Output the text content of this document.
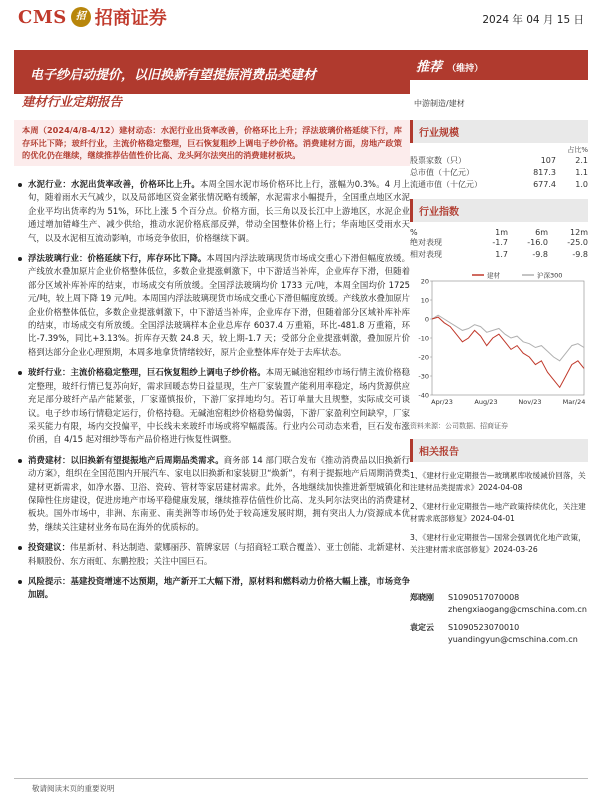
CMS 招 招商证券	2024 年 04 月 15 日
电子纱启动提价，以旧换新有望提振消费品类建材
推荐 （维持）
建材行业定期报告	中游制造/建材
本周（2024/4/8-4/12）建材动态：水泥行业出货率改善，价格环比上升；浮法玻璃价格延续下行，库存环比下降；玻纤行业，主流价格稳定整理，巨石恢复粗纱上调电子纱价格。消费建材方面，房地产政策的优化仍在继续，继续推荐估值性价比高、龙头阿尔法突出的消费建材板块。
水泥行业：水泥出货率改善，价格环比上升。本周全国水泥市场价格环比上行，涨幅为0.3%。4 月上旬，随着雨水天气减少，以及局部地区资金紧张情况略有缓解，水泥需求小幅提升，全国重点地区水泥企业平均出货率约为 51%，环比上涨 5 个百分点。价格方面，长三角以及长江中上游地区，水泥企业通过增加错峰生产、减少供给，推动水泥价格底部反弹，带动全国整体价格上行；华南地区受雨水天气，以及水泥相互流动影响，市场竞争依旧，价格继续下调。
浮法玻璃行业：价格延续下行，库存环比下降。本周国内浮法玻璃现货市场成交重心下滑但幅度放缓。产线放水叠加原片企业价格整体低位，多数企业提涨刺激下，中下游适当补库，企业库存下滑，但随着部分区域补库补库的结束，市场成交有所放缓。全国浮法玻璃均价 1733 元/吨，本周全国均价 1725 元/吨，较上周下降 19 元/吨。本周国内浮法玻璃现货市场成交重心下滑但幅度放缓。产线放水叠加原片企业价格整体低位，多数企业提涨刺激下，中下游适当补库，企业库存下滑，但随着部分区域补库补库的结束，市场成交有所放缓。全国浮法玻璃样本企业总库存 6037.4 万重箱，环比-481.8 万重箱，环比-7.39%，同比+3.13%。折库存天数 24.8 天，较上期-1.7 天；受部分企业提涨刺激，叠加原片价格到达部分企业心理预期，本周多地拿货情绪较好，原片企业整体库存处于去库状态。
玻纤行业：主流价格稳定整理，巨石恢复粗纱上调电子纱价格。本周无碱池窑粗纱市场行情主流价格稳定整理，玻纤行情已复苏向好，需求回暖态势日益显现，生产厂家装置产能利用率稳定，场内货源供应充足部分玻纤产品产能紧张，厂家谨慎报价，下游厂家拌地均匀。若订单量大且规整，实际成交可谈议。电子纱市场行情稳定运行，价格持稳。无碱池窑粗纱价格稳势偏弱，下游厂家盈利空间缺窄，厂家采买能力有限，场内交投偏平，中长线未来玻纤市场或将窄幅震荡。行业内公司动态来看，巨石发布涨价函，自 4/15 起对细纱等布产品价格进行恢复性调整。
消费建材：以旧换新有望提振地产后周期品类需求。商务部 14 部门联合发布《推动消费品以旧换新行动方案》，组织在全国范围内开展汽车、家电以旧换新和家装厨卫“焕新”，有利于提振地产后周期消费类建材更新需求，如净水器、卫浴、瓷砖、管材等家居建材需求。此外，各地继续加快推进新型城镇化和保障性住房建设，促进房地产市场平稳健康发展，继续推荐估值性价比高、龙头阿尔法突出的消费建材板块。国外市场中，非洲、东南亚、南美洲等市场仍处于较高速发展时期，拥有突出人力/资源成本优势，继续关注建材业务布局在海外的优质标的。
投资建议：伟星新材、科达制造、蒙娜丽莎、箭牌家居（与招商轻工联合覆盖）、亚士创能、北新建材、科顺股份、东方雨虹、东鹏控股；关注中国巨石。
风险提示：基建投资增速不达预期，地产新开工大幅下滑，原材料和燃料动力价格大幅上涨，市场竞争加剧。
行业规模
占比%
股票家数（只）	107	2.1
总市值（十亿元）	817.3	1.1
流通市值（十亿元）	677.4	1.0
行业指数
%	1m	6m	12m
绝对表现	-1.7	-16.0	-25.0
相对表现	1.7	-9.8	-9.8
20
10
0
-10
-20
-30
-40
Apr/23	Aug/23	Nov/23	Mar/24
建材	沪深300
资料来源：公司数据、招商证券
相关报告
1、《建材行业定期报告—玻璃累库收缓减价回落，关注建材品类提需求》2024-04-08
2、《建材行业定期报告—地产政策持续优化，关注建材需求底部修复》2024-04-01
3、《建材行业定期报告—国常会强调优化地产政策，关注建材需求底部修复》2024-03-26
郑晓刚	S1090517070008
zhengxiaogang@cmschina.com.cn
袁定云	S1090523070010
yuandingyun@cmschina.com.cn
敬请阅读末页的重要说明
